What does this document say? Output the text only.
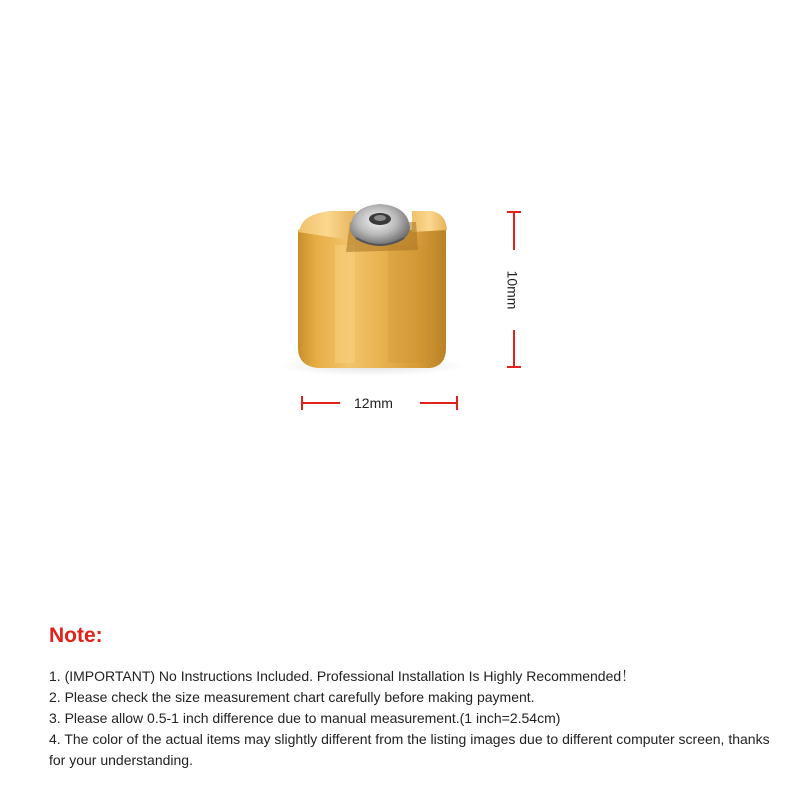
12mm
10mm
Note:

1. (IMPORTANT) No Instructions Included. Professional Installation Is Highly Recommended！

2. Please check the size measurement chart carefully before making payment.

3. Please allow 0.5-1 inch difference due to manual measurement.(1 inch=2.54cm)

4. The color of the actual items may slightly different from the listing images due to different computer screen, thanks for your understanding.
